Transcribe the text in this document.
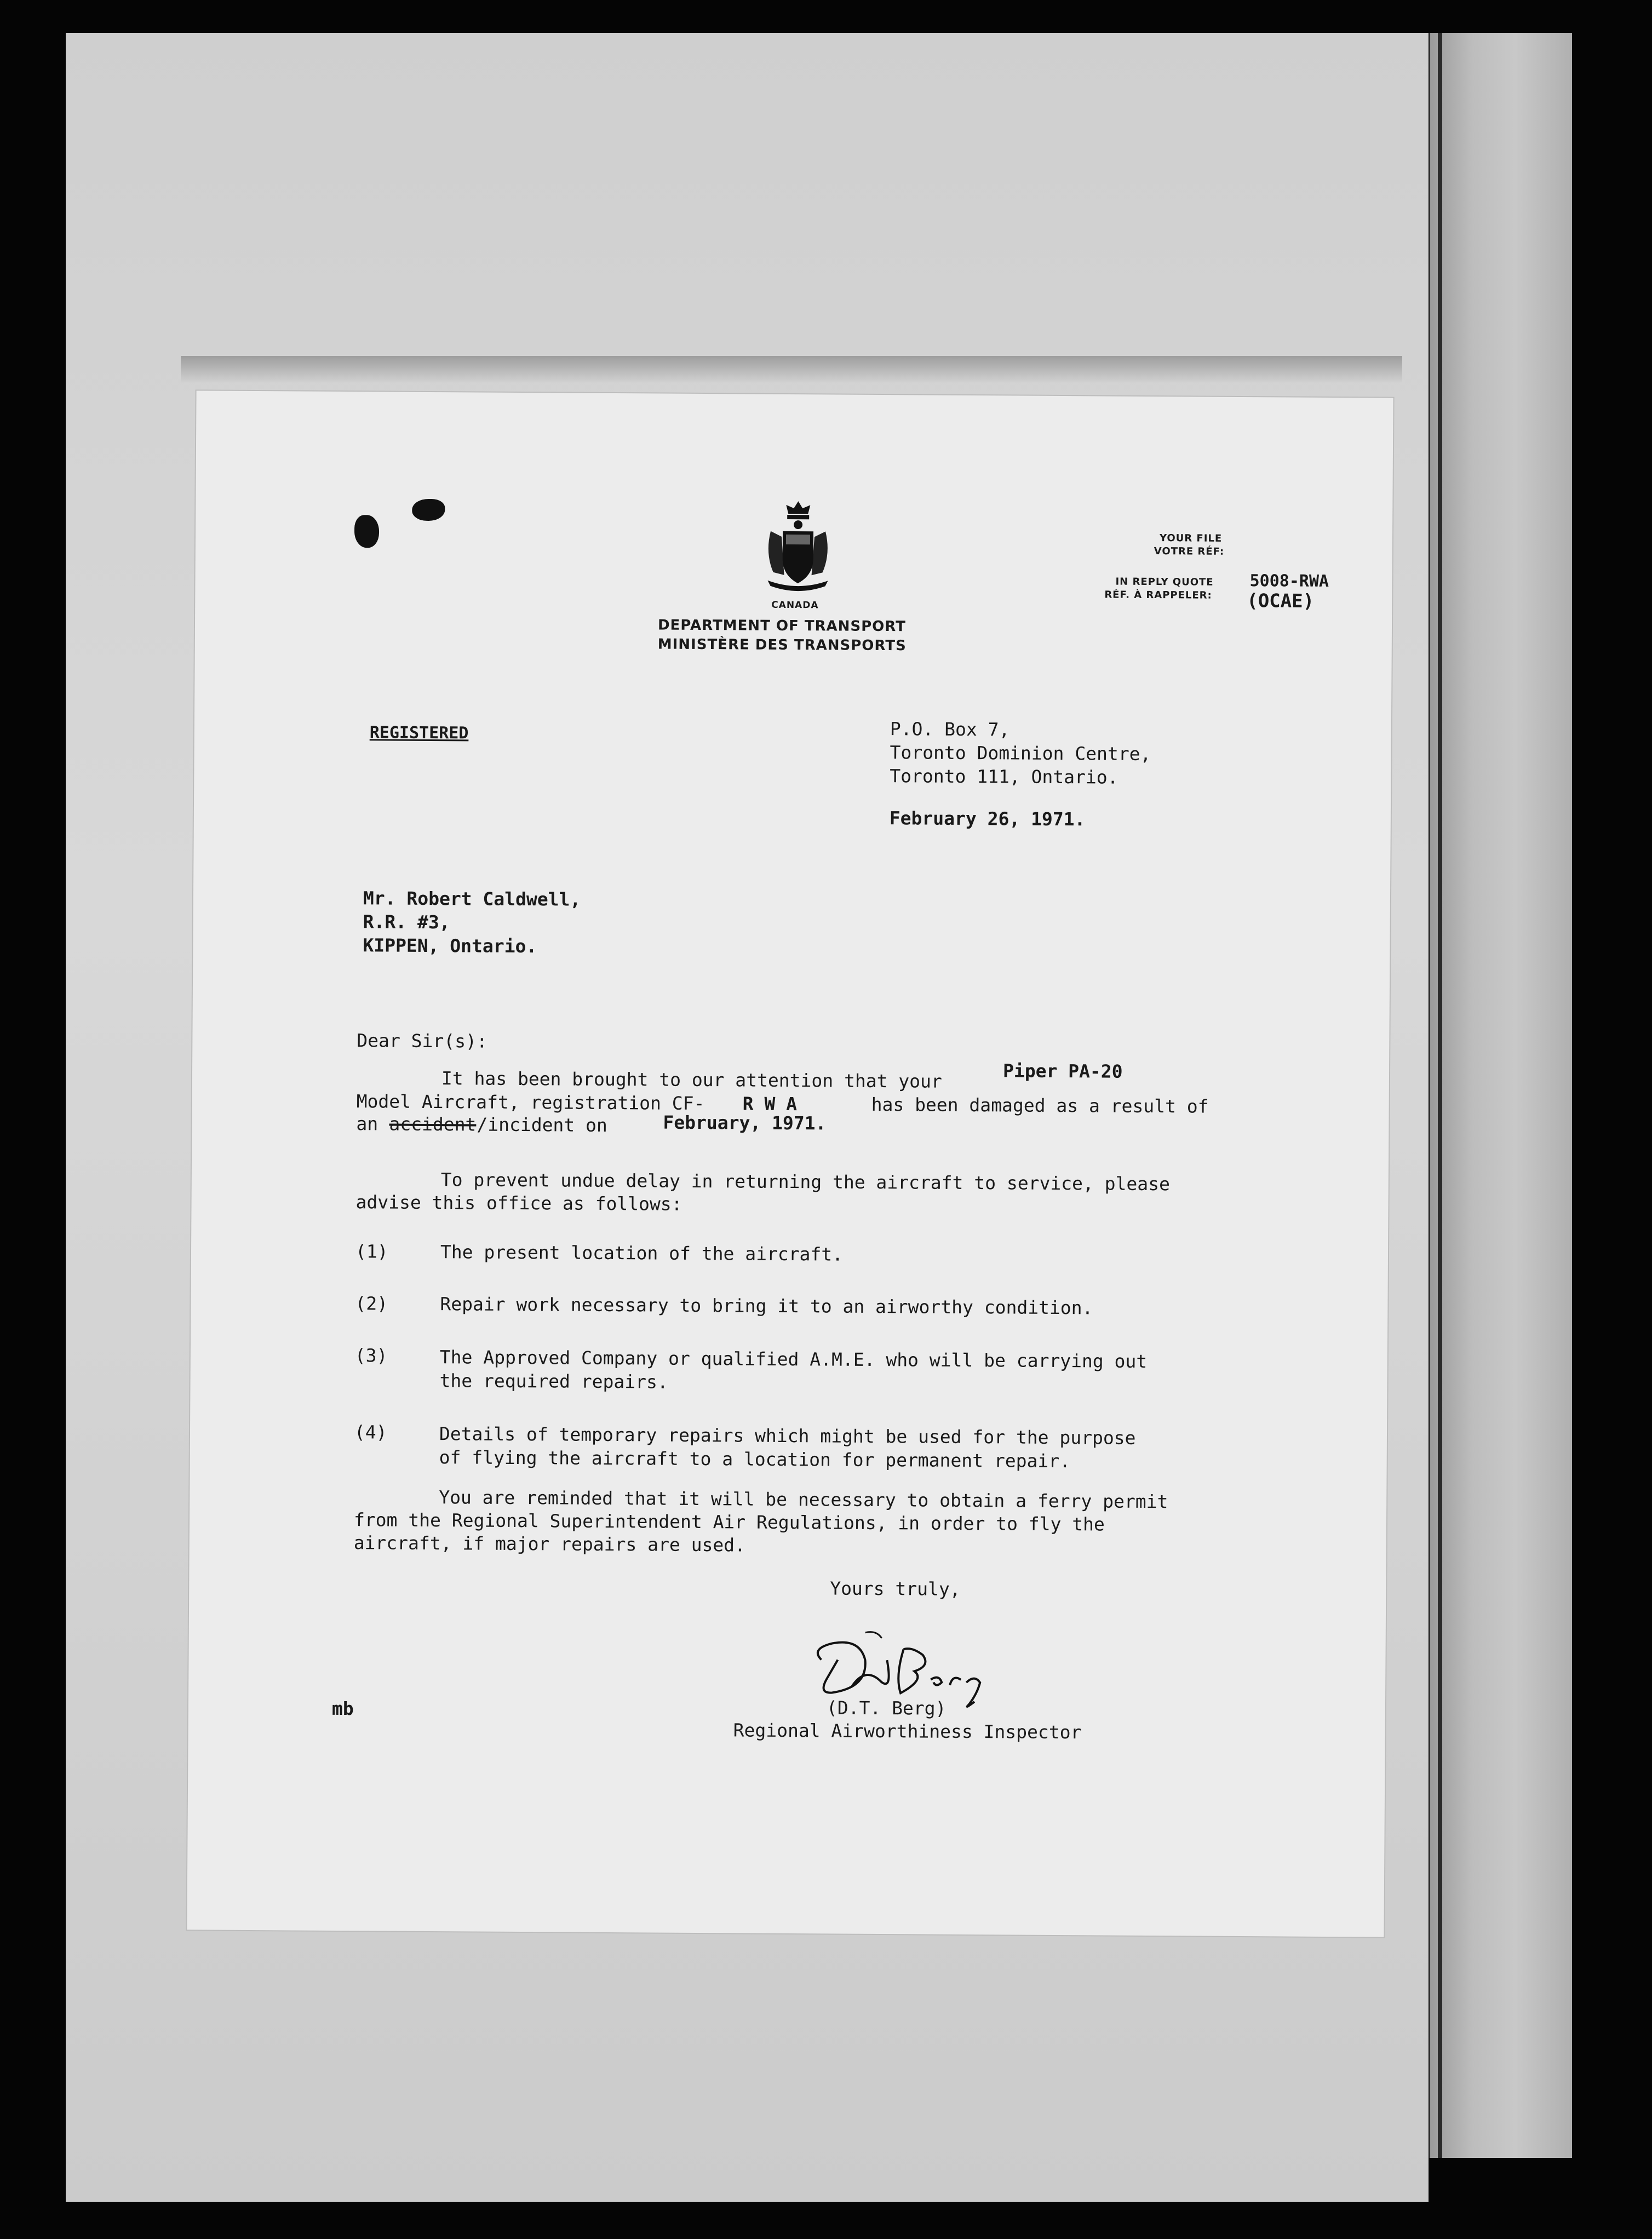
CANADA
DEPARTMENT OF TRANSPORT
MINISTÈRE DES TRANSPORTS
YOUR FILE
VOTRE RÉF:
IN REPLY QUOTE
RÉF. À RAPPELER:
5008-RWA
(OCAE)
REGISTERED	P.O. Box 7,
Toronto Dominion Centre,
Toronto 111, Ontario.
February 26, 1971.
Mr. Robert Caldwell,
R.R. #3,
KIPPEN, Ontario.
Dear Sir(s):
It has been brought to our attention that your	Piper PA-20
Model Aircraft, registration CF- R W A	has been damaged as a result of
an accident /incident on	February, 1971.
To prevent undue delay in returning the aircraft to service, please
advise this office as follows:
(1)	The present location of the aircraft.
(2)	Repair work necessary to bring it to an airworthy condition.
(3)	The Approved Company or qualified A.M.E. who will be carrying out
the required repairs.
(4)	Details of temporary repairs which might be used for the purpose
of flying the aircraft to a location for permanent repair.
You are reminded that it will be necessary to obtain a ferry permit
from the Regional Superintendent Air Regulations, in order to fly the
aircraft, if major repairs are used.
Yours truly,
(D.T. Berg)
Regional Airworthiness Inspector
mb
